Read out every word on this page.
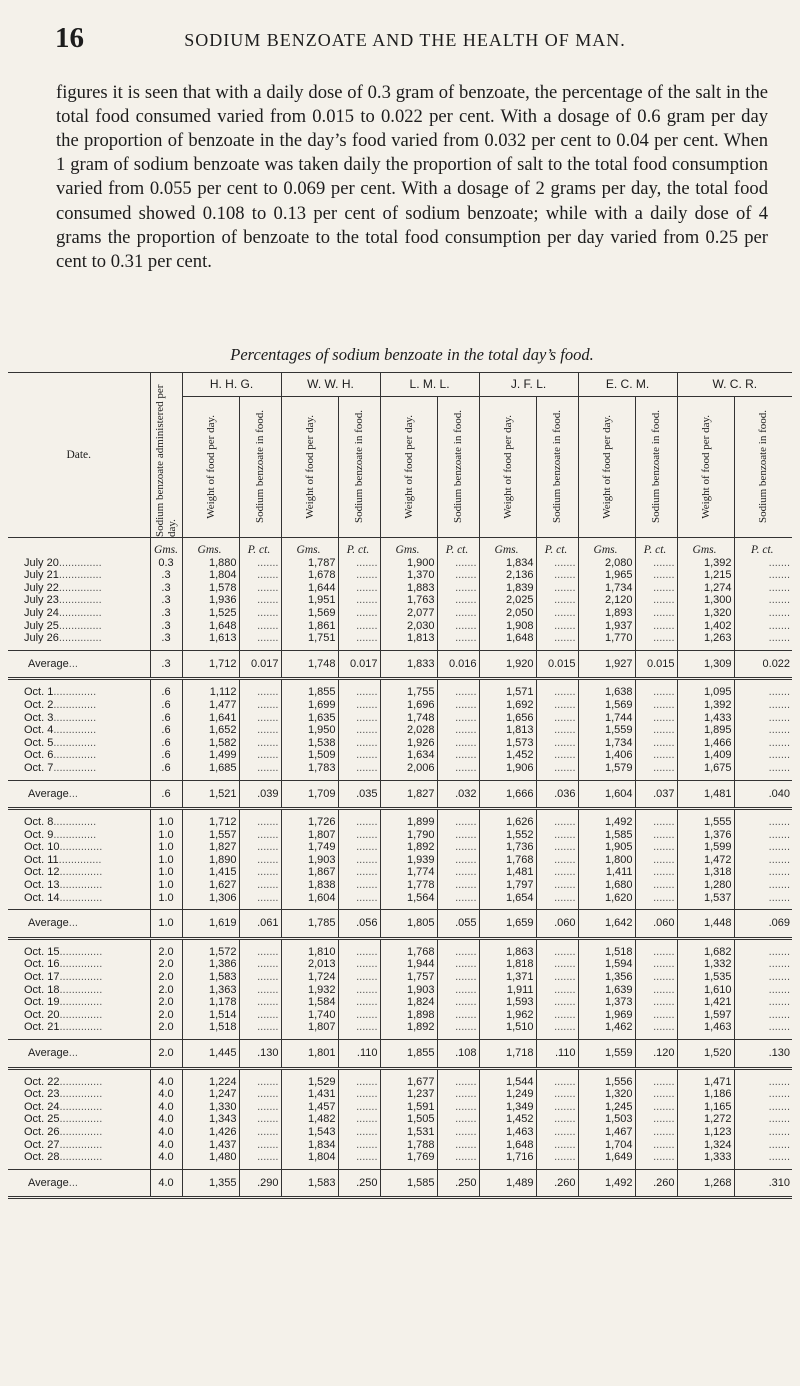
16	SODIUM BENZOATE AND THE HEALTH OF MAN.

figures it is seen that with a daily dose of 0.3 gram of benzoate, the percentage of the salt in the total food consumed varied from 0.015 to 0.022 per cent. With a dosage of 0.6 gram per day the proportion of benzoate in the day’s food varied from 0.032 per cent to 0.04 per cent. When 1 gram of sodium benzoate was taken daily the proportion of salt to the total food consumption varied from 0.055 per cent to 0.069 per cent. With a dosage of 2 grams per day, the total food consumed showed 0.108 to 0.13 per cent of sodium benzoate; while with a daily dose of 4 grams the proportion of benzoate to the total food consumption per day varied from 0.25 per cent to 0.31 per cent.

Percentages of sodium benzoate in the total day’s food.
Date.	Sodium benzoate administered per day.	H. H. G.		W. W. H.		L. M. L.		J. F. L.		E. C. M.		W. C. R.	

		Weight of food per day.	Sodium benzoate in food.	Weight of food per day.	Sodium benzoate in food.	Weight of food per day.	Sodium benzoate in food.	Weight of food per day.	Sodium benzoate in food.	Weight of food per day.	Sodium benzoate in food.	Weight of food per day.	Sodium benzoate in food.

	Gms.	Gms.	P. ct.	Gms.	P. ct.	Gms.	P. ct.	Gms.	P. ct.	Gms.	P. ct.	Gms.	P. ct.
July 20..............	0.3	1,880	.......	1,787	.......	1,900	.......	1,834	.......	2,080	.......	1,392	.......
July 21..............	.3	1,804	.......	1,678	.......	1,370	.......	2,136	.......	1,965	.......	1,215	.......
July 22..............	.3	1,578	.......	1,644	.......	1,883	.......	1,839	.......	1,734	.......	1,274	.......
July 23..............	.3	1,936	.......	1,951	.......	1,763	.......	2,025	.......	2,120	.......	1,300	.......
July 24..............	.3	1,525	.......	1,569	.......	2,077	.......	2,050	.......	1,893	.......	1,320	.......
July 25..............	.3	1,648	.......	1,861	.......	2,030	.......	1,908	.......	1,937	.......	1,402	.......
July 26..............	.3	1,613	.......	1,751	.......	1,813	.......	1,648	.......	1,770	.......	1,263	.......
Average...	.3	1,712	0.017	1,748	0.017	1,833	0.016	1,920	0.015	1,927	0.015	1,309	0.022
Oct. 1..............	.6	1,112	.......	1,855	.......	1,755	.......	1,571	.......	1,638	.......	1,095	.......
Oct. 2..............	.6	1,477	.......	1,699	.......	1,696	.......	1,692	.......	1,569	.......	1,392	.......
Oct. 3..............	.6	1,641	.......	1,635	.......	1,748	.......	1,656	.......	1,744	.......	1,433	.......
Oct. 4..............	.6	1,652	.......	1,950	.......	2,028	.......	1,813	.......	1,559	.......	1,895	.......
Oct. 5..............	.6	1,582	.......	1,538	.......	1,926	.......	1,573	.......	1,734	.......	1,466	.......
Oct. 6..............	.6	1,499	.......	1,509	.......	1,634	.......	1,452	.......	1,406	.......	1,409	.......
Oct. 7..............	.6	1,685	.......	1,783	.......	2,006	.......	1,906	.......	1,579	.......	1,675	.......
Average...	.6	1,521	.039	1,709	.035	1,827	.032	1,666	.036	1,604	.037	1,481	.040
Oct. 8..............	1.0	1,712	.......	1,726	.......	1,899	.......	1,626	.......	1,492	.......	1,555	.......
Oct. 9..............	1.0	1,557	.......	1,807	.......	1,790	.......	1,552	.......	1,585	.......	1,376	.......
Oct. 10..............	1.0	1,827	.......	1,749	.......	1,892	.......	1,736	.......	1,905	.......	1,599	.......
Oct. 11..............	1.0	1,890	.......	1,903	.......	1,939	.......	1,768	.......	1,800	.......	1,472	.......
Oct. 12..............	1.0	1,415	.......	1,867	.......	1,774	.......	1,481	.......	1,411	.......	1,318	.......
Oct. 13..............	1.0	1,627	.......	1,838	.......	1,778	.......	1,797	.......	1,680	.......	1,280	.......
Oct. 14..............	1.0	1,306	.......	1,604	.......	1,564	.......	1,654	.......	1,620	.......	1,537	.......
Average...	1.0	1,619	.061	1,785	.056	1,805	.055	1,659	.060	1,642	.060	1,448	.069
Oct. 15..............	2.0	1,572	.......	1,810	.......	1,768	.......	1,863	.......	1,518	.......	1,682	.......
Oct. 16..............	2.0	1,386	.......	2,013	.......	1,944	.......	1,818	.......	1,594	.......	1,332	.......
Oct. 17..............	2.0	1,583	.......	1,724	.......	1,757	.......	1,371	.......	1,356	.......	1,535	.......
Oct. 18..............	2.0	1,363	.......	1,932	.......	1,903	.......	1,911	.......	1,639	.......	1,610	.......
Oct. 19..............	2.0	1,178	.......	1,584	.......	1,824	.......	1,593	.......	1,373	.......	1,421	.......
Oct. 20..............	2.0	1,514	.......	1,740	.......	1,898	.......	1,962	.......	1,969	.......	1,597	.......
Oct. 21..............	2.0	1,518	.......	1,807	.......	1,892	.......	1,510	.......	1,462	.......	1,463	.......
Average...	2.0	1,445	.130	1,801	.110	1,855	.108	1,718	.110	1,559	.120	1,520	.130
Oct. 22..............	4.0	1,224	.......	1,529	.......	1,677	.......	1,544	.......	1,556	.......	1,471	.......
Oct. 23..............	4.0	1,247	.......	1,431	.......	1,237	.......	1,249	.......	1,320	.......	1,186	.......
Oct. 24..............	4.0	1,330	.......	1,457	.......	1,591	.......	1,349	.......	1,245	.......	1,165	.......
Oct. 25..............	4.0	1,343	.......	1,482	.......	1,505	.......	1,452	.......	1,503	.......	1,272	.......
Oct. 26..............	4.0	1,426	.......	1,543	.......	1,531	.......	1,463	.......	1,467	.......	1,123	.......
Oct. 27..............	4.0	1,437	.......	1,834	.......	1,788	.......	1,648	.......	1,704	.......	1,324	.......
Oct. 28..............	4.0	1,480	.......	1,804	.......	1,769	.......	1,716	.......	1,649	.......	1,333	.......
Average...	4.0	1,355	.290	1,583	.250	1,585	.250	1,489	.260	1,492	.260	1,268	.310
